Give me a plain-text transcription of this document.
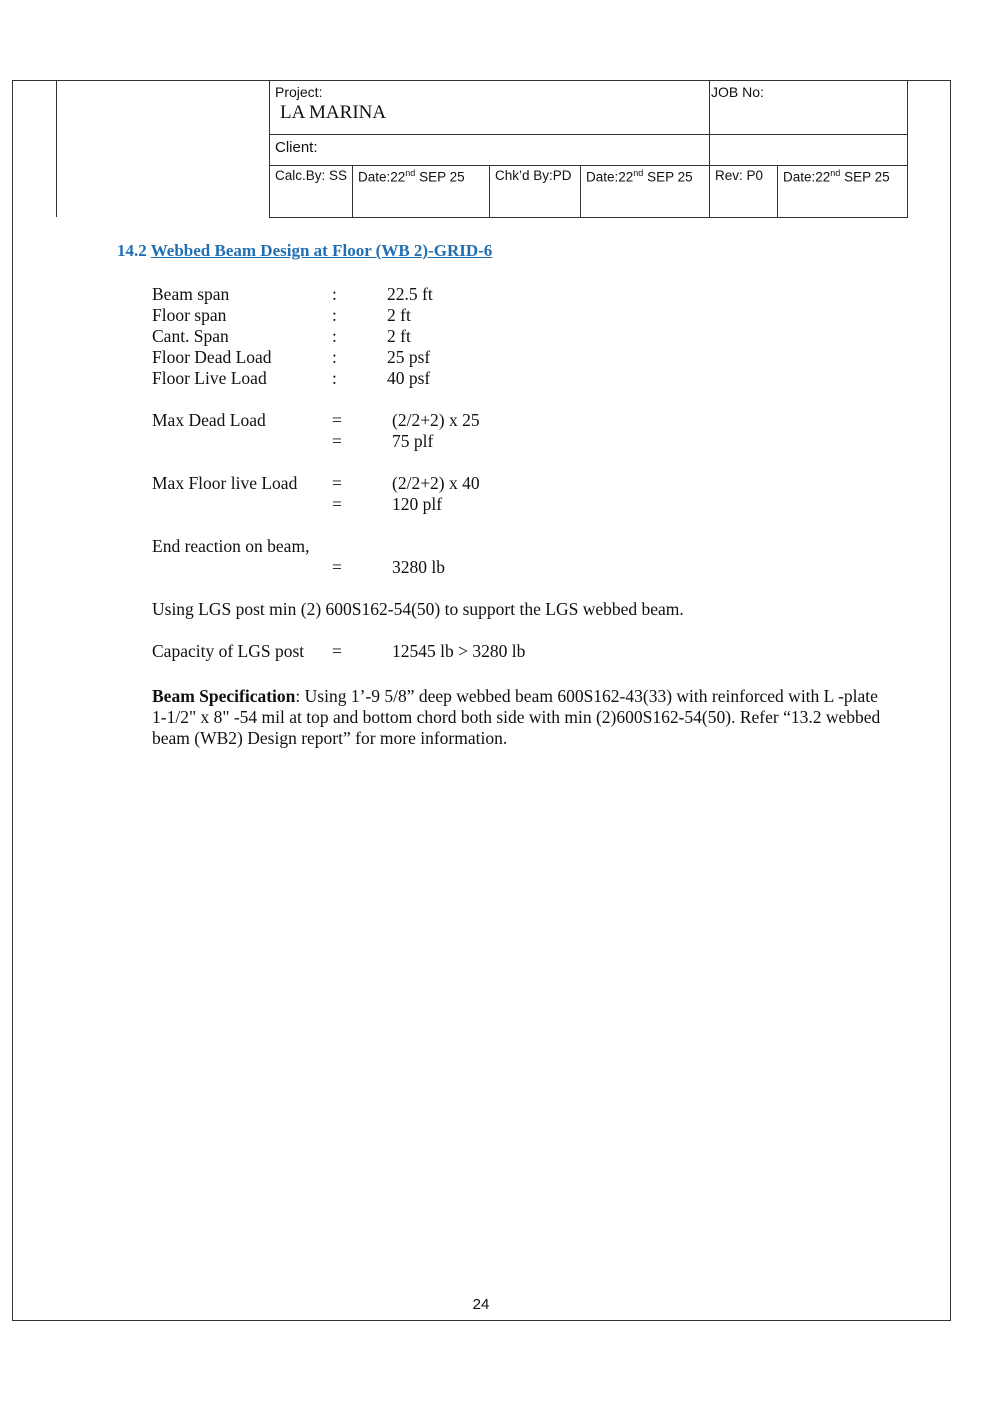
Project:
LA MARINA
JOB No:
Client:
Calc.By: SS Date:22nd SEP 25 Chk’d By:PD Date:22nd SEP 25 Rev: P0 Date:22nd SEP 25
14.2 Webbed Beam Design at Floor (WB 2)-GRID-6
Beam span	:	22.5 ft
Floor span	:	2 ft
Cant. Span	:	2 ft
Floor Dead Load	:	25 psf
Floor Live Load	:	40 psf
Max Dead Load	=	(2/2+2) x 25
=	75 plf
Max Floor live Load =	(2/2+2) x 40
=	120 plf
End reaction on beam,
=	3280 lb
Using LGS post min (2) 600S162-54(50) to support the LGS webbed beam.
Capacity of LGS post =	12545 lb > 3280 lb
Beam Specification: Using 1’-9 5/8” deep webbed beam 600S162-43(33) with reinforced with L -plate 1-1/2" x 8" -54 mil at top and bottom chord both side with min (2)600S162-54(50). Refer “13.2 webbed beam (WB2) Design report” for more information.
24
